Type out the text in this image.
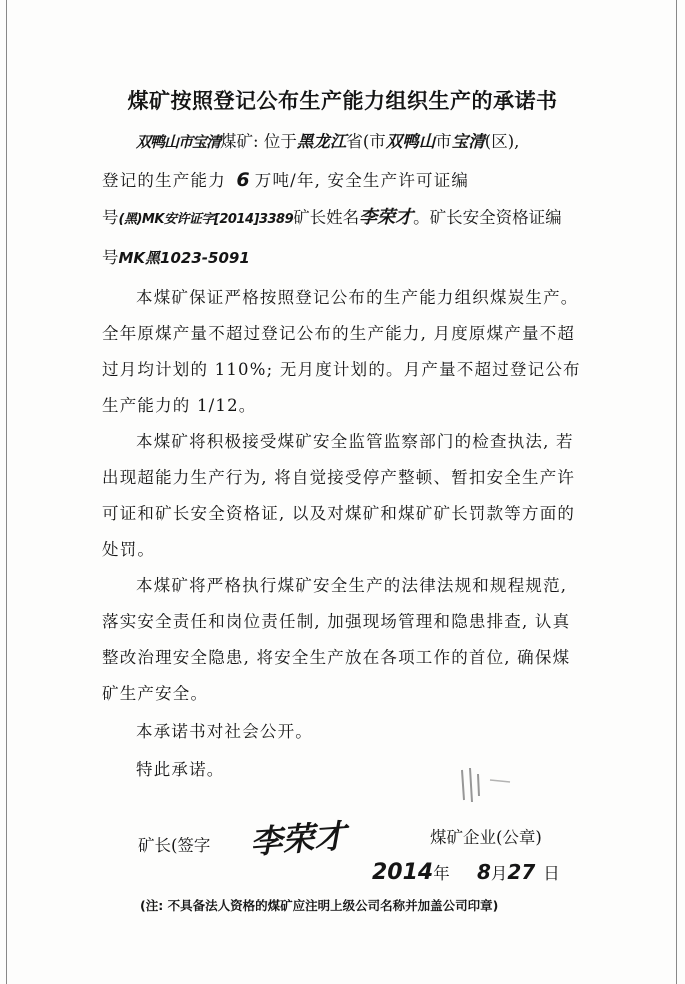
煤矿按照登记公布生产能力组织生产的承诺书
双鸭山市宝清煤矿: 位于黑龙江省(市双鸭山市宝清(区),
登记的生产能力 6 万吨/年, 安全生产许可证编
号(黑)MK安许证字[2014]3389矿长姓名李荣才。矿长安全资格证编
号MK黑1023-5091
本煤矿保证严格按照登记公布的生产能力组织煤炭生产。全年原煤产量不超过登记公布的生产能力, 月度原煤产量不超过月均计划的 110%; 无月度计划的。月产量不超过登记公布生产能力的 1/12。
本煤矿将积极接受煤矿安全监管监察部门的检查执法, 若出现超能力生产行为, 将自觉接受停产整顿、暂扣安全生产许可证和矿长安全资格证, 以及对煤矿和煤矿矿长罚款等方面的处罚。
本煤矿将严格执行煤矿安全生产的法律法规和规程规范, 落实安全责任和岗位责任制, 加强现场管理和隐患排查, 认真整改治理安全隐患, 将安全生产放在各项工作的首位, 确保煤矿生产安全。
本承诺书对社会公开。
特此承诺。
矿长(签字	李荣才	煤矿企业(公章)
2014年 8月27 日
(注: 不具备法人资格的煤矿应注明上级公司名称并加盖公司印章)
